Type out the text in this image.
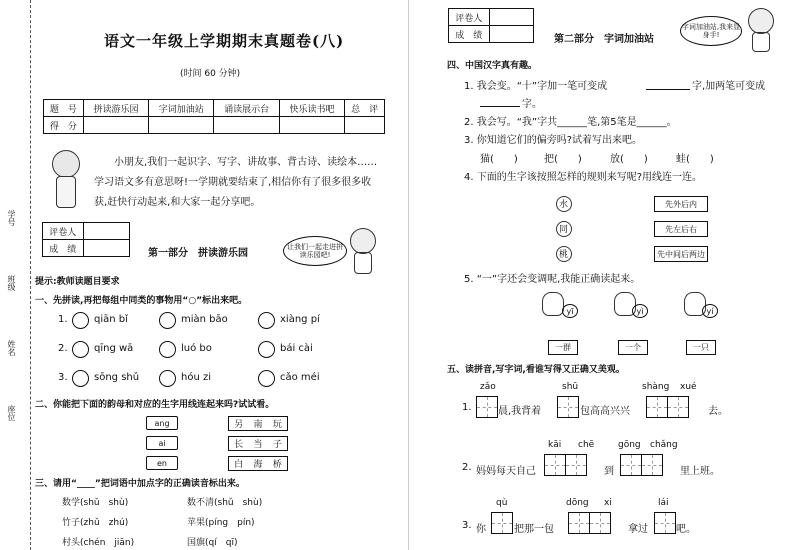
学号
班级
姓名
座位
语文一年级上学期期末真题卷(八)
(时间 60 分钟)
题　号	拼读游乐园	字词加油站	诵读展示台	快乐读书吧	总　评
得　分					
小朋友,我们一起识字、写字、讲故事、背古诗、读绘本……学习语文多有意思呀!一学期就要结束了,相信你有了很多很多收获,赶快行动起来,和大家一起分享吧。
评卷人
成　绩	第一部分　拼读游乐园
让我们一起走进拼读乐园吧!
提示:教师读题目要求
一、先拼读,再把每组中同类的事物用“○”标出来吧。
1.	qiān bǐ	miàn bāo	xiàng pí
2.	qīng wā	luó bo	bái cài
3.	sōng shǔ	hóu zi	cǎo méi
二、你能把下面的韵母和对应的生字用线连起来吗?试试看。
ang
ai
en
另 南 玩
长 当 子
白 海 桥
三、请用“____”把词语中加点字的正确读音标出来。
数学(shǔ　shù)	数不清(shǔ　shù)
竹子(zhǔ　zhú)	苹果(píng　pín)
村头(chén　jiān)	国旗(qí　qī)
评卷人
成　绩	第二部分　字词加油站
字词加油站,我来显身手!
四、中国汉字真有趣。
1. 我会变。“十”字加一笔可变成	字,加两笔可变成
字。
2. 我会写。“我”字共______笔,第5笔是______。
3. 你知道它们的偏旁吗?试着写出来吧。
猫(　　)	把(　　)	放(　　)	蛙(　　)
4. 下面的生字该按照怎样的规则来写呢?用线连一连。
水
同
桃
先外后内
先左后右
先中间后两边
5. “一”字还会变调呢,我能正确读起来。
yī	yì	yí
一群	一个	一只
五、读拼音,写字词,看谁写得又正确又美观。
1.
zǎo
晨,我背着
shū
包高高兴兴
shàng xué
去。
2. 妈妈每天自己
kāi chē
到
gōng chǎng
里上班。
3. 你
qù
把那一包
dōng xi
拿过
lái
吧。
